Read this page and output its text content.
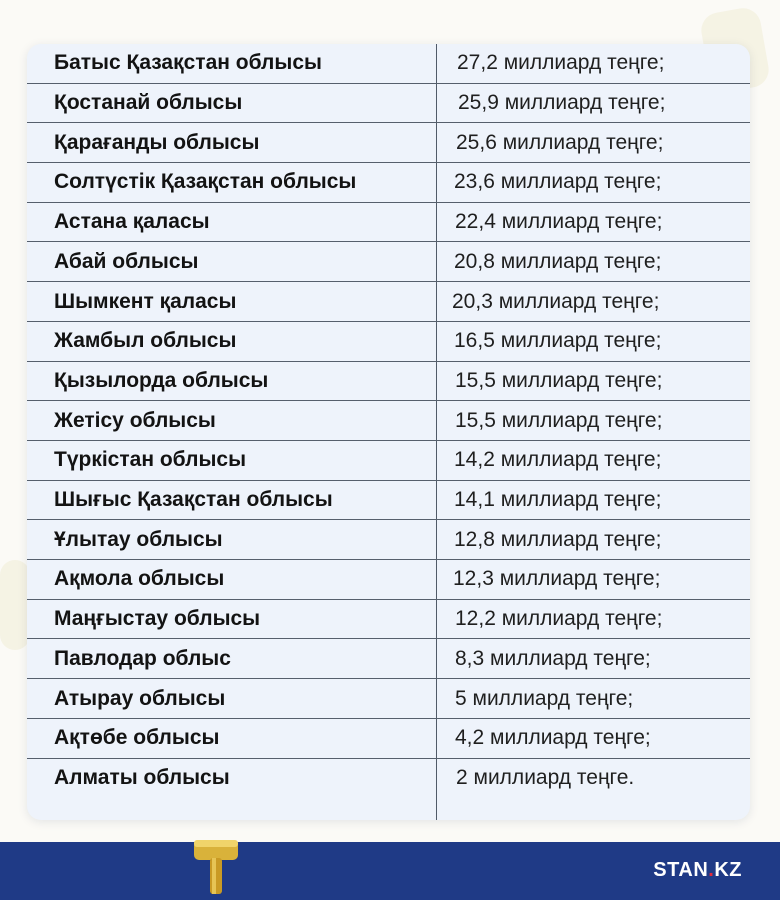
Батыс Қазақстан облысы	27,2 миллиард теңге;
Қостанай облысы	25,9 миллиард теңге;
Қарағанды облысы	25,6 миллиард теңге;
Солтүстік Қазақстан облысы	23,6 миллиард теңге;
Астана қаласы	22,4 миллиард теңге;
Абай облысы	20,8 миллиард теңге;
Шымкент қаласы	20,3 миллиард теңге;
Жамбыл облысы	16,5 миллиард теңге;
Қызылорда облысы	15,5 миллиард теңге;
Жетісу облысы	15,5 миллиард теңге;
Түркістан облысы	14,2 миллиард теңге;
Шығыс Қазақстан облысы	14,1 миллиард теңге;
Ұлытау облысы	12,8 миллиард теңге;
Ақмола облысы	12,3 миллиард теңге;
Маңғыстау облысы	12,2 миллиард теңге;
Павлодар облыс	8,3 миллиард теңге;
Атырау облысы	5 миллиард теңге;
Ақтөбе облысы	4,2 миллиард теңге;
Алматы облысы	2 миллиард теңге.
STAN.KZ
